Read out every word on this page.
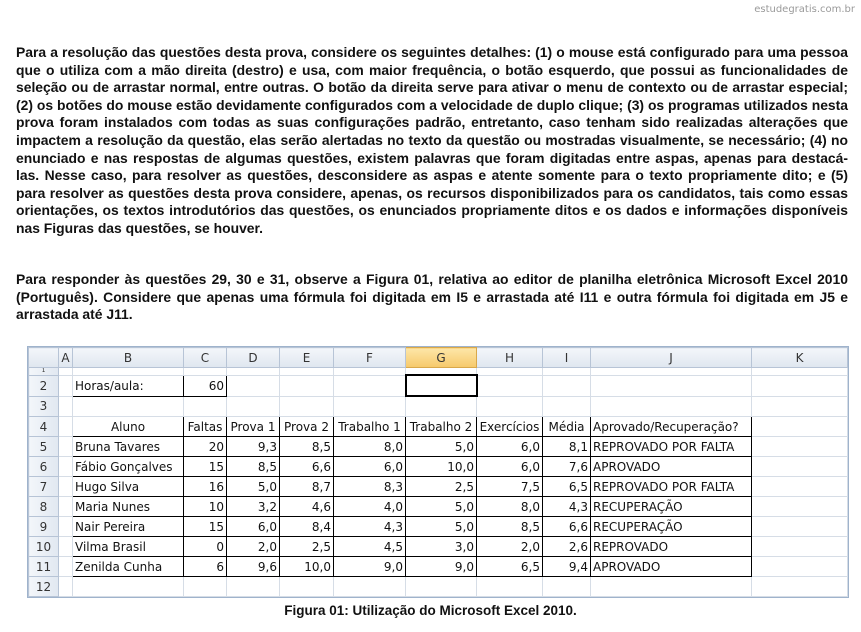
estudegratis.com.br

Para a resolução das questões desta prova, considere os seguintes detalhes: (1) o mouse está configurado para uma pessoa que o utiliza com a mão direita (destro) e usa, com maior frequência, o botão esquerdo, que possui as funcionalidades de seleção ou de arrastar normal, entre outras. O botão da direita serve para ativar o menu de contexto ou de arrastar especial; (2) os botões do mouse estão devidamente configurados com a velocidade de duplo clique; (3) os programas utilizados nesta prova foram instalados com todas as suas configurações padrão, entretanto, caso tenham sido realizadas alterações que impactem a resolução da questão, elas serão alertadas no texto da questão ou mostradas visualmente, se necessário; (4) no enunciado e nas respostas de algumas questões, existem palavras que foram digitadas entre aspas, apenas para destacá-las. Nesse caso, para resolver as questões, desconsidere as aspas e atente somente para o texto propriamente dito; e (5) para resolver as questões desta prova considere, apenas, os recursos disponibilizados para os candidatos, tais como essas orientações, os textos introdutórios das questões, os enunciados propriamente ditos e os dados e informações disponíveis nas Figuras das questões, se houver.

Para responder às questões 29, 30 e 31, observe a Figura 01, relativa ao editor de planilha eletrônica Microsoft Excel 2010 (Português). Considere que apenas uma fórmula foi digitada em I5 e arrastada até I11 e outra fórmula foi digitada em J5 e arrastada até J11.

	A	B	C	D	E	F	G	H	I	J	K
1											
2		Horas/aula:	60								
3											
4		Aluno	Faltas	Prova 1	Prova 2	Trabalho 1	Trabalho 2	Exercícios	Média	Aprovado/Recuperação?	
5		Bruna Tavares	20	9,3	8,5	8,0	5,0	6,0	8,1	REPROVADO POR FALTA	
6		Fábio Gonçalves	15	8,5	6,6	6,0	10,0	6,0	7,6	APROVADO	
7		Hugo Silva	16	5,0	8,7	8,3	2,5	7,5	6,5	REPROVADO POR FALTA	
8		Maria Nunes	10	3,2	4,6	4,0	5,0	8,0	4,3	RECUPERAÇÃO	
9		Nair Pereira	15	6,0	8,4	4,3	5,0	8,5	6,6	RECUPERAÇÃO	
10		Vilma Brasil	0	2,0	2,5	4,5	3,0	2,0	2,6	REPROVADO	
11		Zenilda Cunha	6	9,6	10,0	9,0	9,0	6,5	9,4	APROVADO	
12											
Figura 01: Utilização do Microsoft Excel 2010.
